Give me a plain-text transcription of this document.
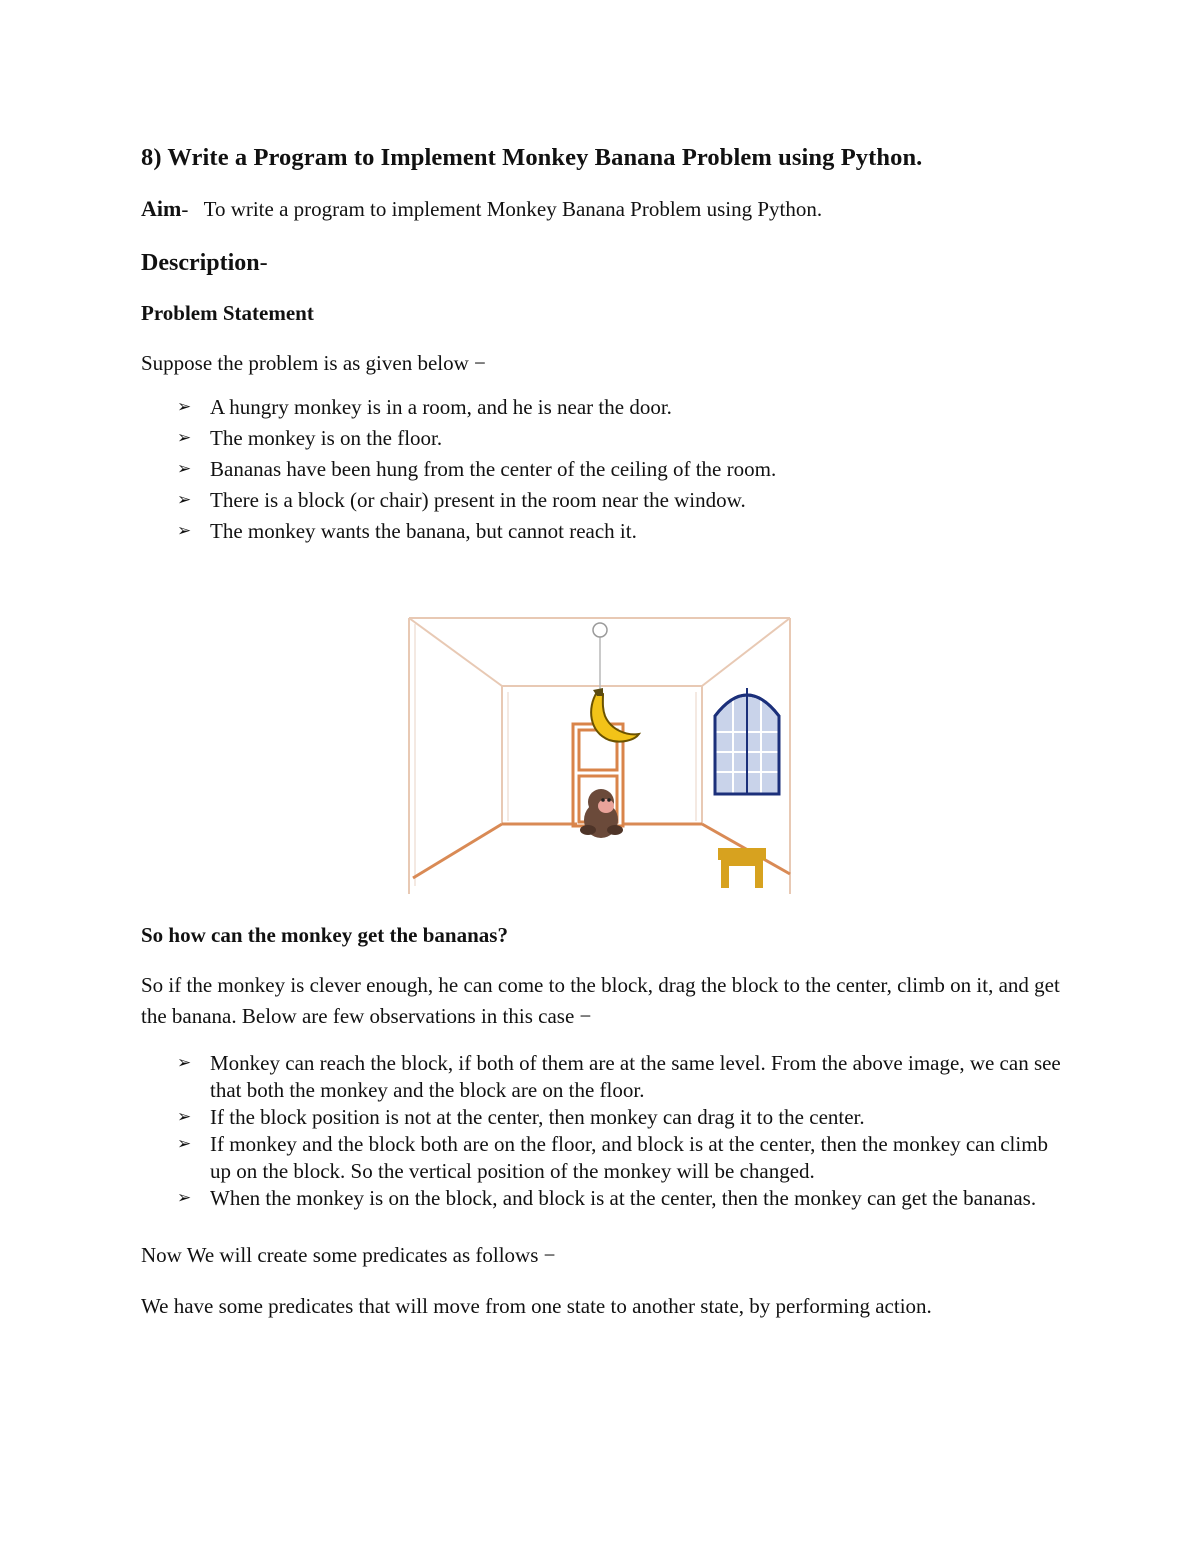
8) Write a Program to Implement Monkey Banana Problem using Python.
Aim- To write a program to implement Monkey Banana Problem using Python.
Description-
Problem Statement

Suppose the problem is as given below −

➢ A hungry monkey is in a room, and he is near the door.
➢ The monkey is on the floor.
➢ Bananas have been hung from the center of the ceiling of the room.
➢ There is a block (or chair) present in the room near the window.
➢ The monkey wants the banana, but cannot reach it.
So how can the monkey get the bananas?

So if the monkey is clever enough, he can come to the block, drag the block to the center, climb on it, and get the banana. Below are few observations in this case −

➢ Monkey can reach the block, if both of them are at the same level. From the above image, we can see that both the monkey and the block are on the floor.
➢ If the block position is not at the center, then monkey can drag it to the center.
➢ If monkey and the block both are on the floor, and block is at the center, then the monkey can climb up on the block. So the vertical position of the monkey will be changed.
➢ When the monkey is on the block, and block is at the center, then the monkey can get the bananas.

Now We will create some predicates as follows −

We have some predicates that will move from one state to another state, by performing action.
